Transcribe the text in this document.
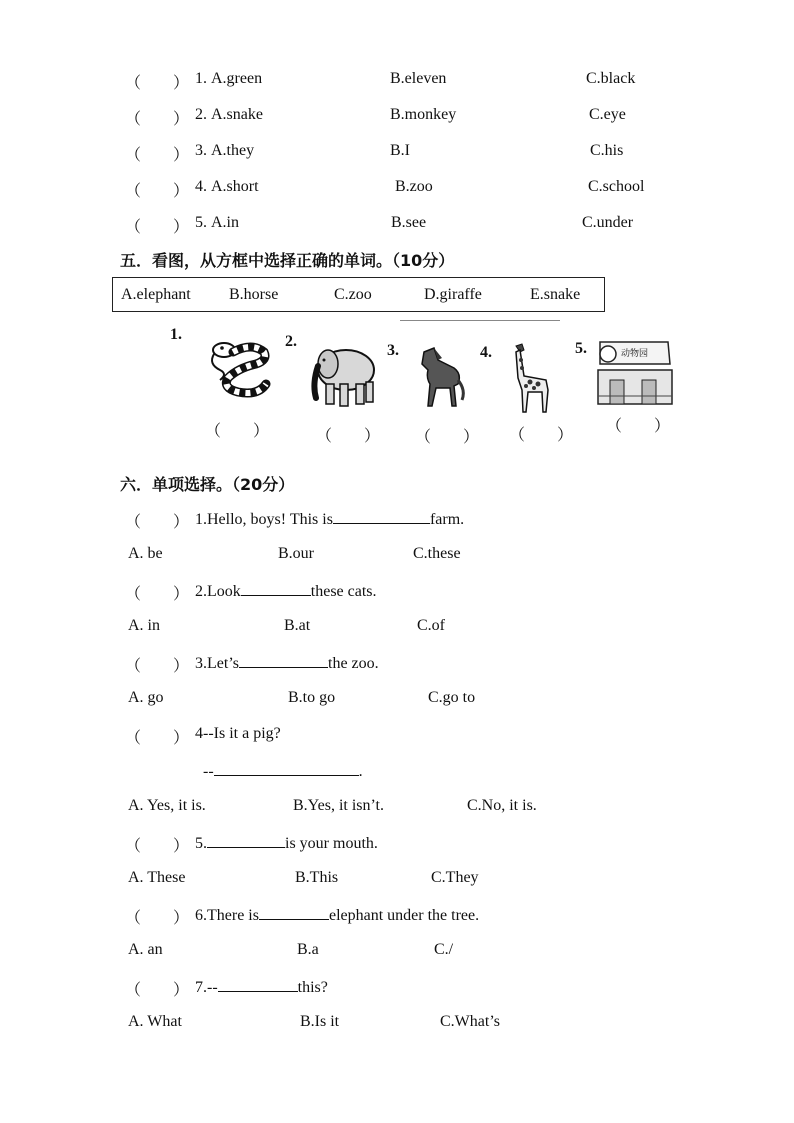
（　　） 1. A.green	B.eleven	C.black
（　　） 2. A.snake	B.monkey	C.eye
（　　） 3. A.they	B.I	C.his
（　　） 4. A.short	B.zoo	C.school
（　　） 5. A.in	B.see	C.under
五．看图，从方框中选择正确的单词。（10分）
A.elephant B.horse	C.zoo	D.giraffe	E.snake
1.
（　　）
2.
（　　）
3.
（　　）
4.
（　　）
5.	动物园
（　　）
六．单项选择。（20分）
（　　） 1.Hello, boys! This is	farm.
A. be	B.our	C.these
（　　） 2.Look	these cats.
A. in	B.at	C.of
（　　） 3.Let’s	the zoo.
A. go	B.to go	C.go to
（　　） 4--Is it a pig?
--	.
A. Yes, it is.	B.Yes, it isn’t.	C.No, it is.
（　　） 5.	is your mouth.
A. These	B.This	C.They
（　　） 6.There is	elephant under the tree.
A. an	B.a	C./
（　　） 7.--	this?
A. What	B.Is it	C.What’s
